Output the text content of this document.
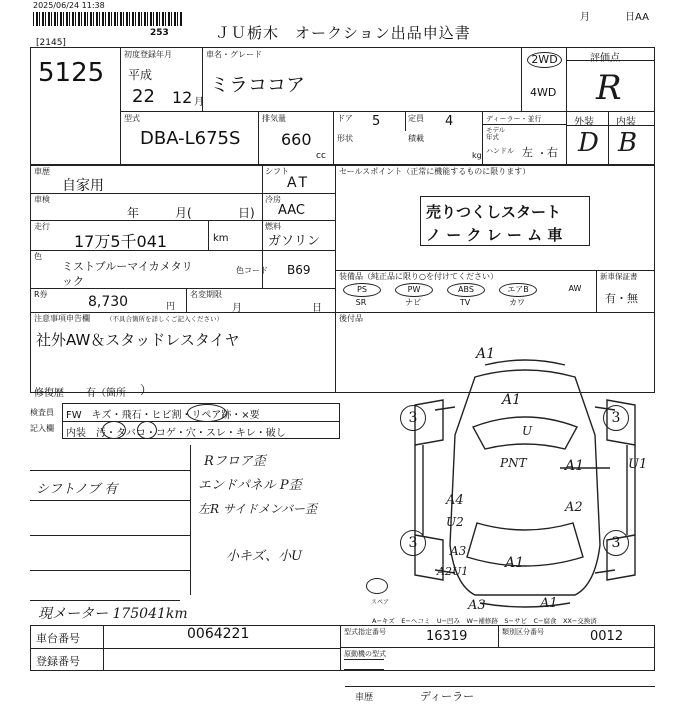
2025/06/24 11:38
253	ＪＵ栃木　オークション出品申込書
月	日AA
[2145]
5125
初度登録年月
平成
22 12 月
車名・グレード
ミラココア
2WD
4WD
評価点
R
型式
DBA-L675S
排気量
660
cc
ドア 5	定員 4
形状	積載
kg
ディーラー・並行
モデル
年式
ハンドル 左 ・ 右
外装 内装
D B
車歴
自家用
車検
年	月(	日)
走行
17万5千041	km
色
ミストブルーマイカメタリ
ック
色コード B69
シフト
AT
冷房
AAC
燃料
ガソリン
R券	8,730	円
名変期限
月	日
注意事項申告欄 （不具合箇所を詳しくご記入ください）
社外AW＆スタッドレスタイヤ
修復歴 有（箇所 ）
セールスポイント（正常に機能するものに限ります）
売りつくしスタート
ノ ー ク レ ー ム 車
装備品（純正品に限り○を付けてください）	新車保証書
有・無
PS	PW	ABS	エアB	AW
SR	ナビ	TV	カワ
後付品
検査員
記入欄
FW　キズ・飛石・ヒビ割・リペア跡・×要
内装　汚・タバコ・コゲ・穴・スレ・キレ・破し
シフトノブ 有
Rフロア歪
エンドパネル P歪
左R サイドメンバー歪
小キズ、小U
現メーター 175041km
スペア
A1
A1
U
PNT	A1
A4
U2
A2
A3
A2U1
A1
A3	A1
U1
3	3
3	3
A−キズ　E−ヘコミ　U−凹み　W−補修跡　S−サビ　C−腐食　XX−交換済
車台番号	0064221
登録番号
型式指定番号	16319	類別区分番号	0012
原動機の型式
車歴	ディーラー
